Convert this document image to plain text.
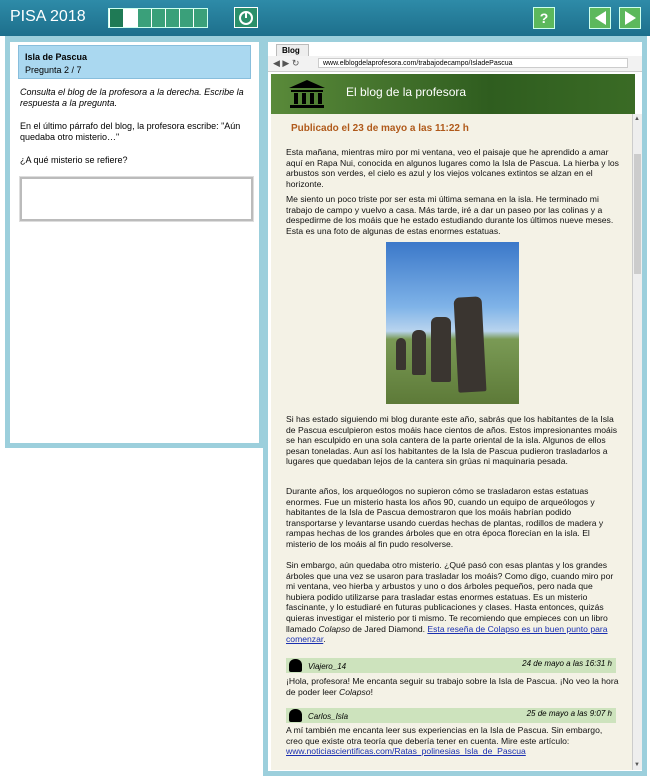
PISA 2018	?
Isla de Pascua
Pregunta 2 / 7
Consulta el blog de la profesora a la derecha. Escribe la respuesta a la pregunta.
En el último párrafo del blog, la profesora escribe: "Aún quedaba otro misterio…"
¿A qué misterio se refiere?
Blog
◀ ▶ ↻	www.elblogdelaprofesora.com/trabajodecampo/IsladePascua
El blog de la profesora
Publicado el 23 de mayo a las 11:22 h
Esta mañana, mientras miro por mi ventana, veo el paisaje que he aprendido a amar aquí en Rapa Nui, conocida en algunos lugares como la Isla de Pascua. La hierba y los arbustos son verdes, el cielo es azul y los viejos volcanes extintos se alzan en el horizonte.
Me siento un poco triste por ser esta mi última semana en la isla. He terminado mi trabajo de campo y vuelvo a casa. Más tarde, iré a dar un paseo por las colinas y a despedirme de los moáis que he estado estudiando durante los últimos nueve meses. Esta es una foto de algunas de estas enormes estatuas.
Si has estado siguiendo mi blog durante este año, sabrás que los habitantes de la Isla de Pascua esculpieron estos moáis hace cientos de años. Estos impresionantes moáis se han esculpido en una sola cantera de la parte oriental de la isla. Algunos de ellos pesan toneladas. Aun así los habitantes de la Isla de Pascua pudieron trasladarlos a lugares que quedaban lejos de la cantera sin grúas ni maquinaria pesada.
Durante años, los arqueólogos no supieron cómo se trasladaron estas estatuas enormes. Fue un misterio hasta los años 90, cuando un equipo de arqueólogos y habitantes de la Isla de Pascua demostraron que los moáis habrían podido transportarse y levantarse usando cuerdas hechas de plantas, rodillos de madera y rampas hechas de los grandes árboles que en otra época florecían en la isla. El misterio de los moáis al fin pudo resolverse.
Sin embargo, aún quedaba otro misterio. ¿Qué pasó con esas plantas y los grandes árboles que una vez se usaron para trasladar los moáis? Como digo, cuando miro por mi ventana, veo hierba y arbustos y uno o dos árboles pequeños, pero nada que hubiera podido utilizarse para trasladar estas enormes estatuas. Es un misterio fascinante, y lo estudiaré en futuras publicaciones y clases. Hasta entonces, quizás quieras investigar el misterio por ti mismo. Te recomiendo que empieces con un libro llamado Colapso de Jared Diamond. Esta reseña de Colapso es un buen punto para comenzar.
Viajero_14	24 de mayo a las 16:31 h
¡Hola, profesora! Me encanta seguir su trabajo sobre la Isla de Pascua. ¡No veo la hora de poder leer Colapso!
Carlos_Isla	25 de mayo a las 9:07 h
A mí también me encanta leer sus experiencias en la Isla de Pascua. Sin embargo, creo que existe otra teoría que debería tener en cuenta. Mire este artículo: www.noticiascientificas.com/Ratas_polinesias_Isla_de_Pascua
▲
▼
